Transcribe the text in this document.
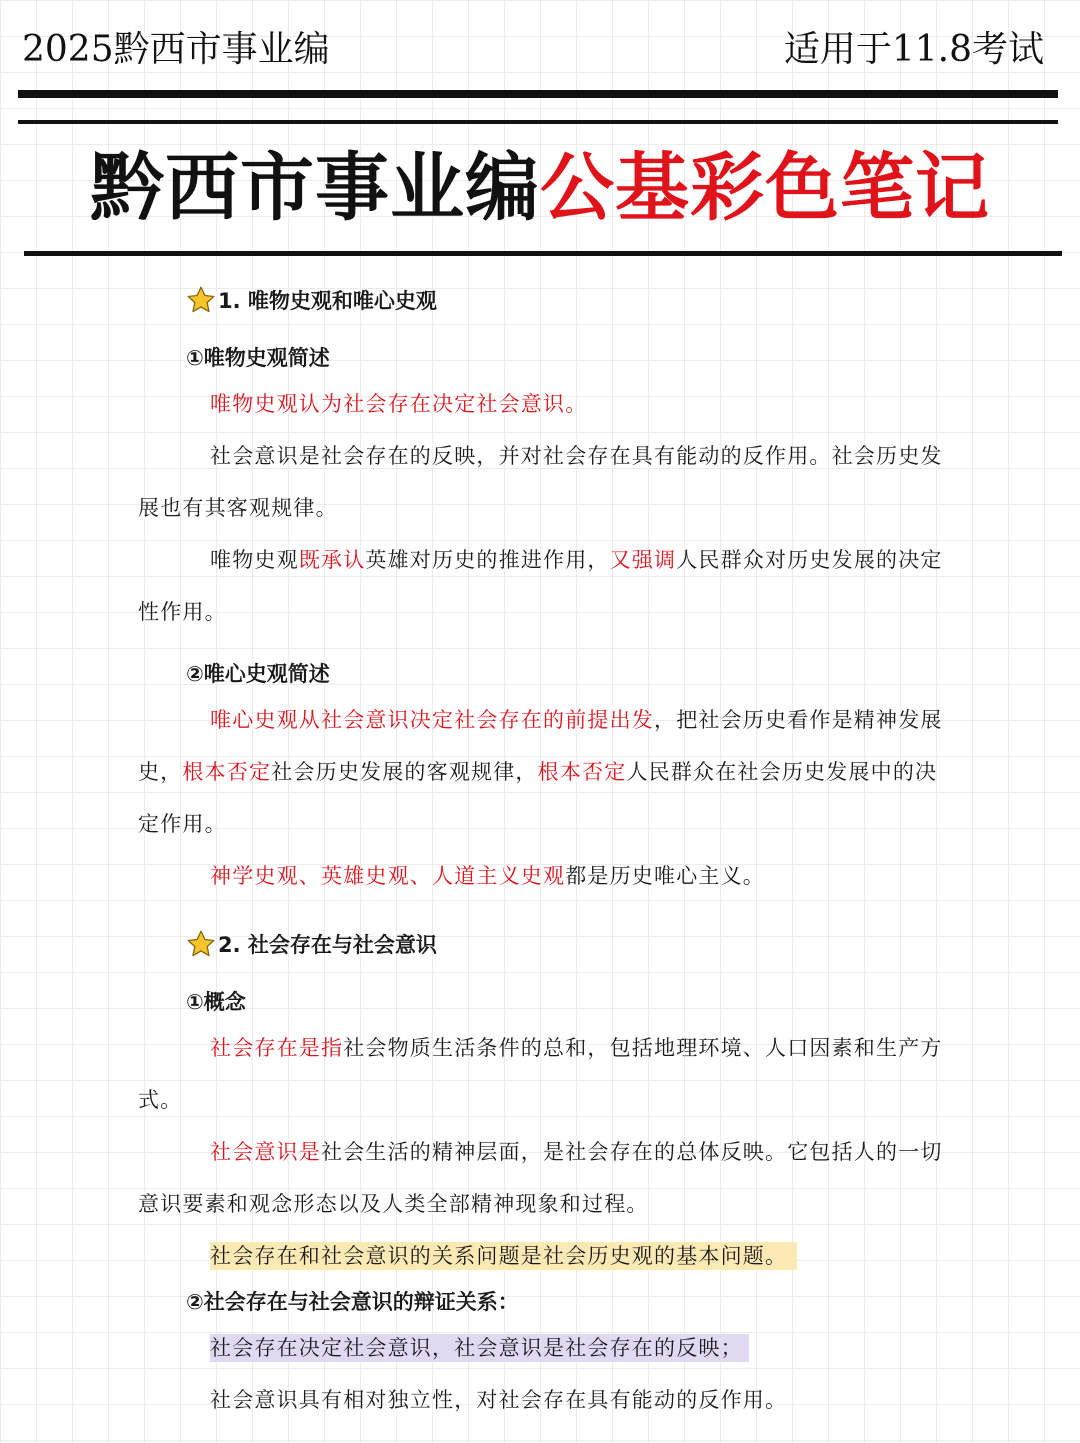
2025黔西市事业编	适用于11.8考试
黔西市事业编公基彩色笔记
1. 唯物史观和唯心史观
①唯物史观简述

唯物史观认为社会存在决定社会意识。

社会意识是社会存在的反映，并对社会存在具有能动的反作用。社会历史发展也有其客观规律。

唯物史观既承认英雄对历史的推进作用，又强调人民群众对历史发展的决定性作用。

②唯心史观简述

唯心史观从社会意识决定社会存在的前提出发，把社会历史看作是精神发展史，根本否定社会历史发展的客观规律，根本否定人民群众在社会历史发展中的决定作用。

神学史观、英雄史观、人道主义史观都是历史唯心主义。

2. 社会存在与社会意识
①概念

社会存在是指社会物质生活条件的总和，包括地理环境、人口因素和生产方式。

社会意识是社会生活的精神层面，是社会存在的总体反映。它包括人的一切意识要素和观念形态以及人类全部精神现象和过程。

社会存在和社会意识的关系问题是社会历史观的基本问题。

②社会存在与社会意识的辩证关系：

社会存在决定社会意识，社会意识是社会存在的反映；

社会意识具有相对独立性，对社会存在具有能动的反作用。
